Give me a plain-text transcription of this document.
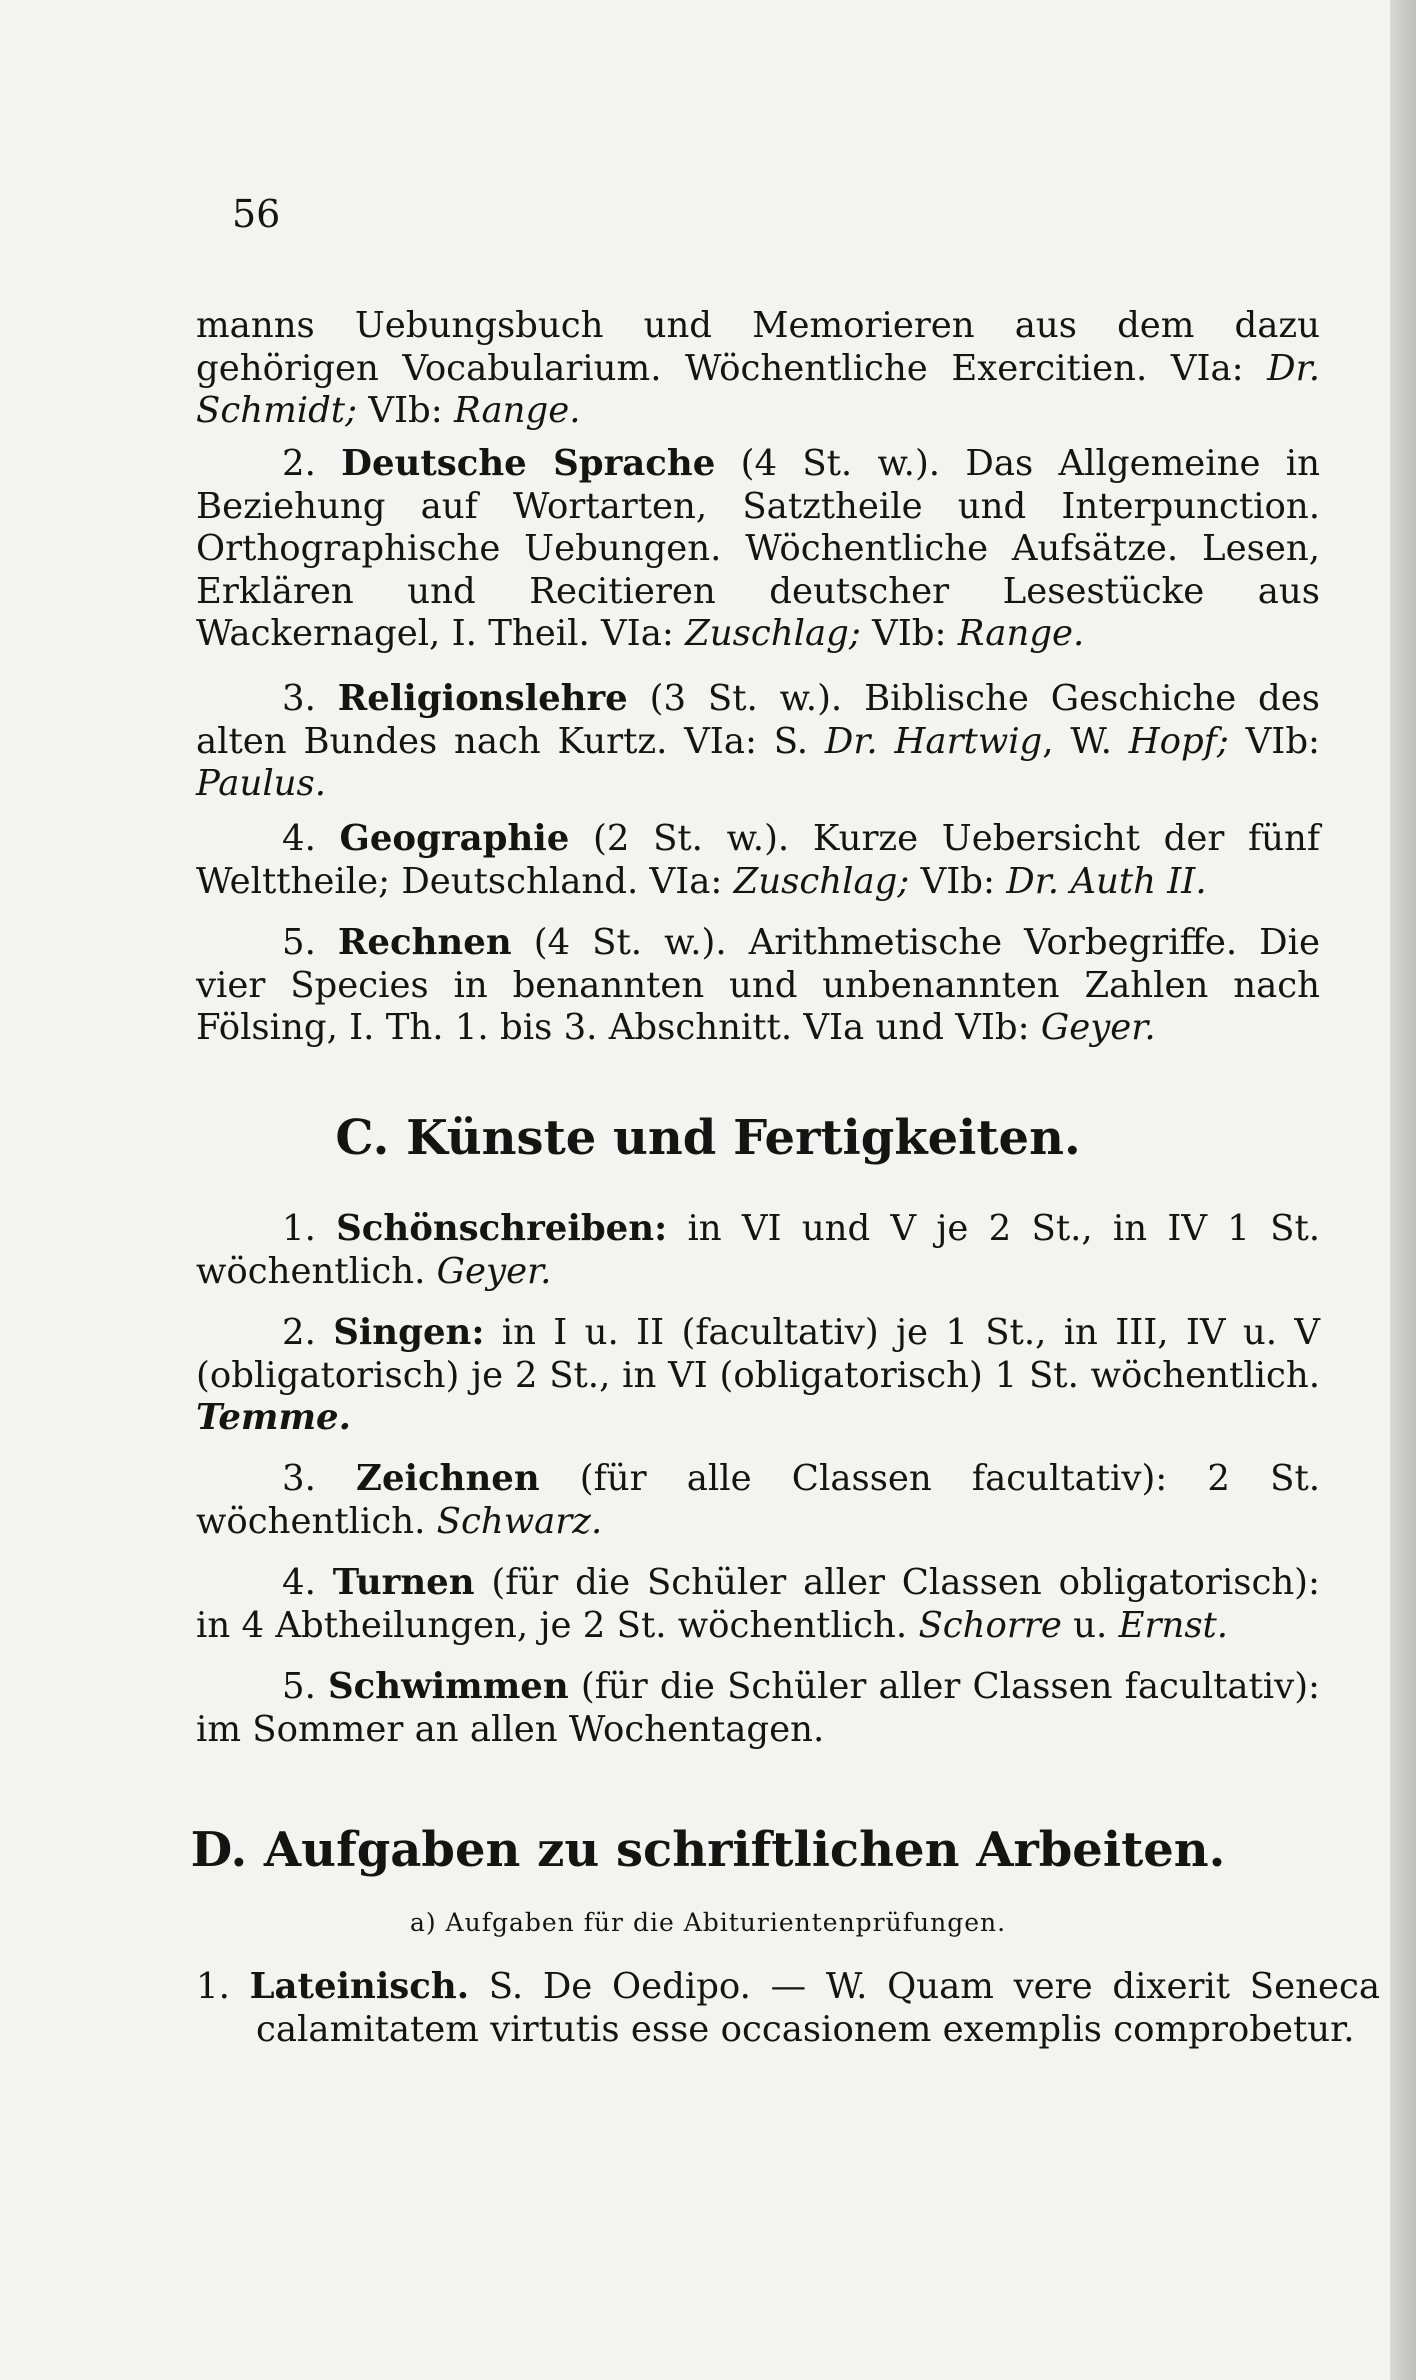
56
manns Uebungsbuch und Memorieren aus dem dazu gehörigen Vocabularium. Wöchentliche Exercitien. VIa: Dr. Schmidt; VIb: Range.
2. Deutsche Sprache (4 St. w.). Das Allgemeine in Beziehung auf Wortarten, Satztheile und Interpunction. Orthographische Uebungen. Wöchentliche Aufsätze. Lesen, Erklären und Recitieren deutscher Lesestücke aus Wackernagel, I. Theil. VIa: Zuschlag; VIb: Range.
3. Religionslehre (3 St. w.). Biblische Geschiche des alten Bundes nach Kurtz. VIa: S. Dr. Hartwig, W. Hopf; VIb: Paulus.
4. Geographie (2 St. w.). Kurze Uebersicht der fünf Welttheile; Deutschland. VIa: Zuschlag; VIb: Dr. Auth II.
5. Rechnen (4 St. w.). Arithmetische Vorbegriffe. Die vier Species in benannten und unbenannten Zahlen nach Fölsing, I. Th. 1. bis 3. Abschnitt. VIa und VIb: Geyer.
C. Künste und Fertigkeiten.
1. Schönschreiben: in VI und V je 2 St., in IV 1 St. wöchentlich. Geyer.
2. Singen: in I u. II (facultativ) je 1 St., in III, IV u. V (obligatorisch) je 2 St., in VI (obligatorisch) 1 St. wöchentlich. Temme.
3. Zeichnen (für alle Classen facultativ): 2 St. wöchentlich. Schwarz.
4. Turnen (für die Schüler aller Classen obligatorisch): in 4 Abtheilungen, je 2 St. wöchentlich. Schorre u. Ernst.
5. Schwimmen (für die Schüler aller Classen facultativ): im Sommer an allen Wochentagen.
D. Aufgaben zu schriftlichen Arbeiten.
a) Aufgaben für die Abiturientenprüfungen.
1. Lateinisch. S. De Oedipo. — W. Quam vere dixerit Seneca calamitatem virtutis esse occasionem exemplis comprobetur.
